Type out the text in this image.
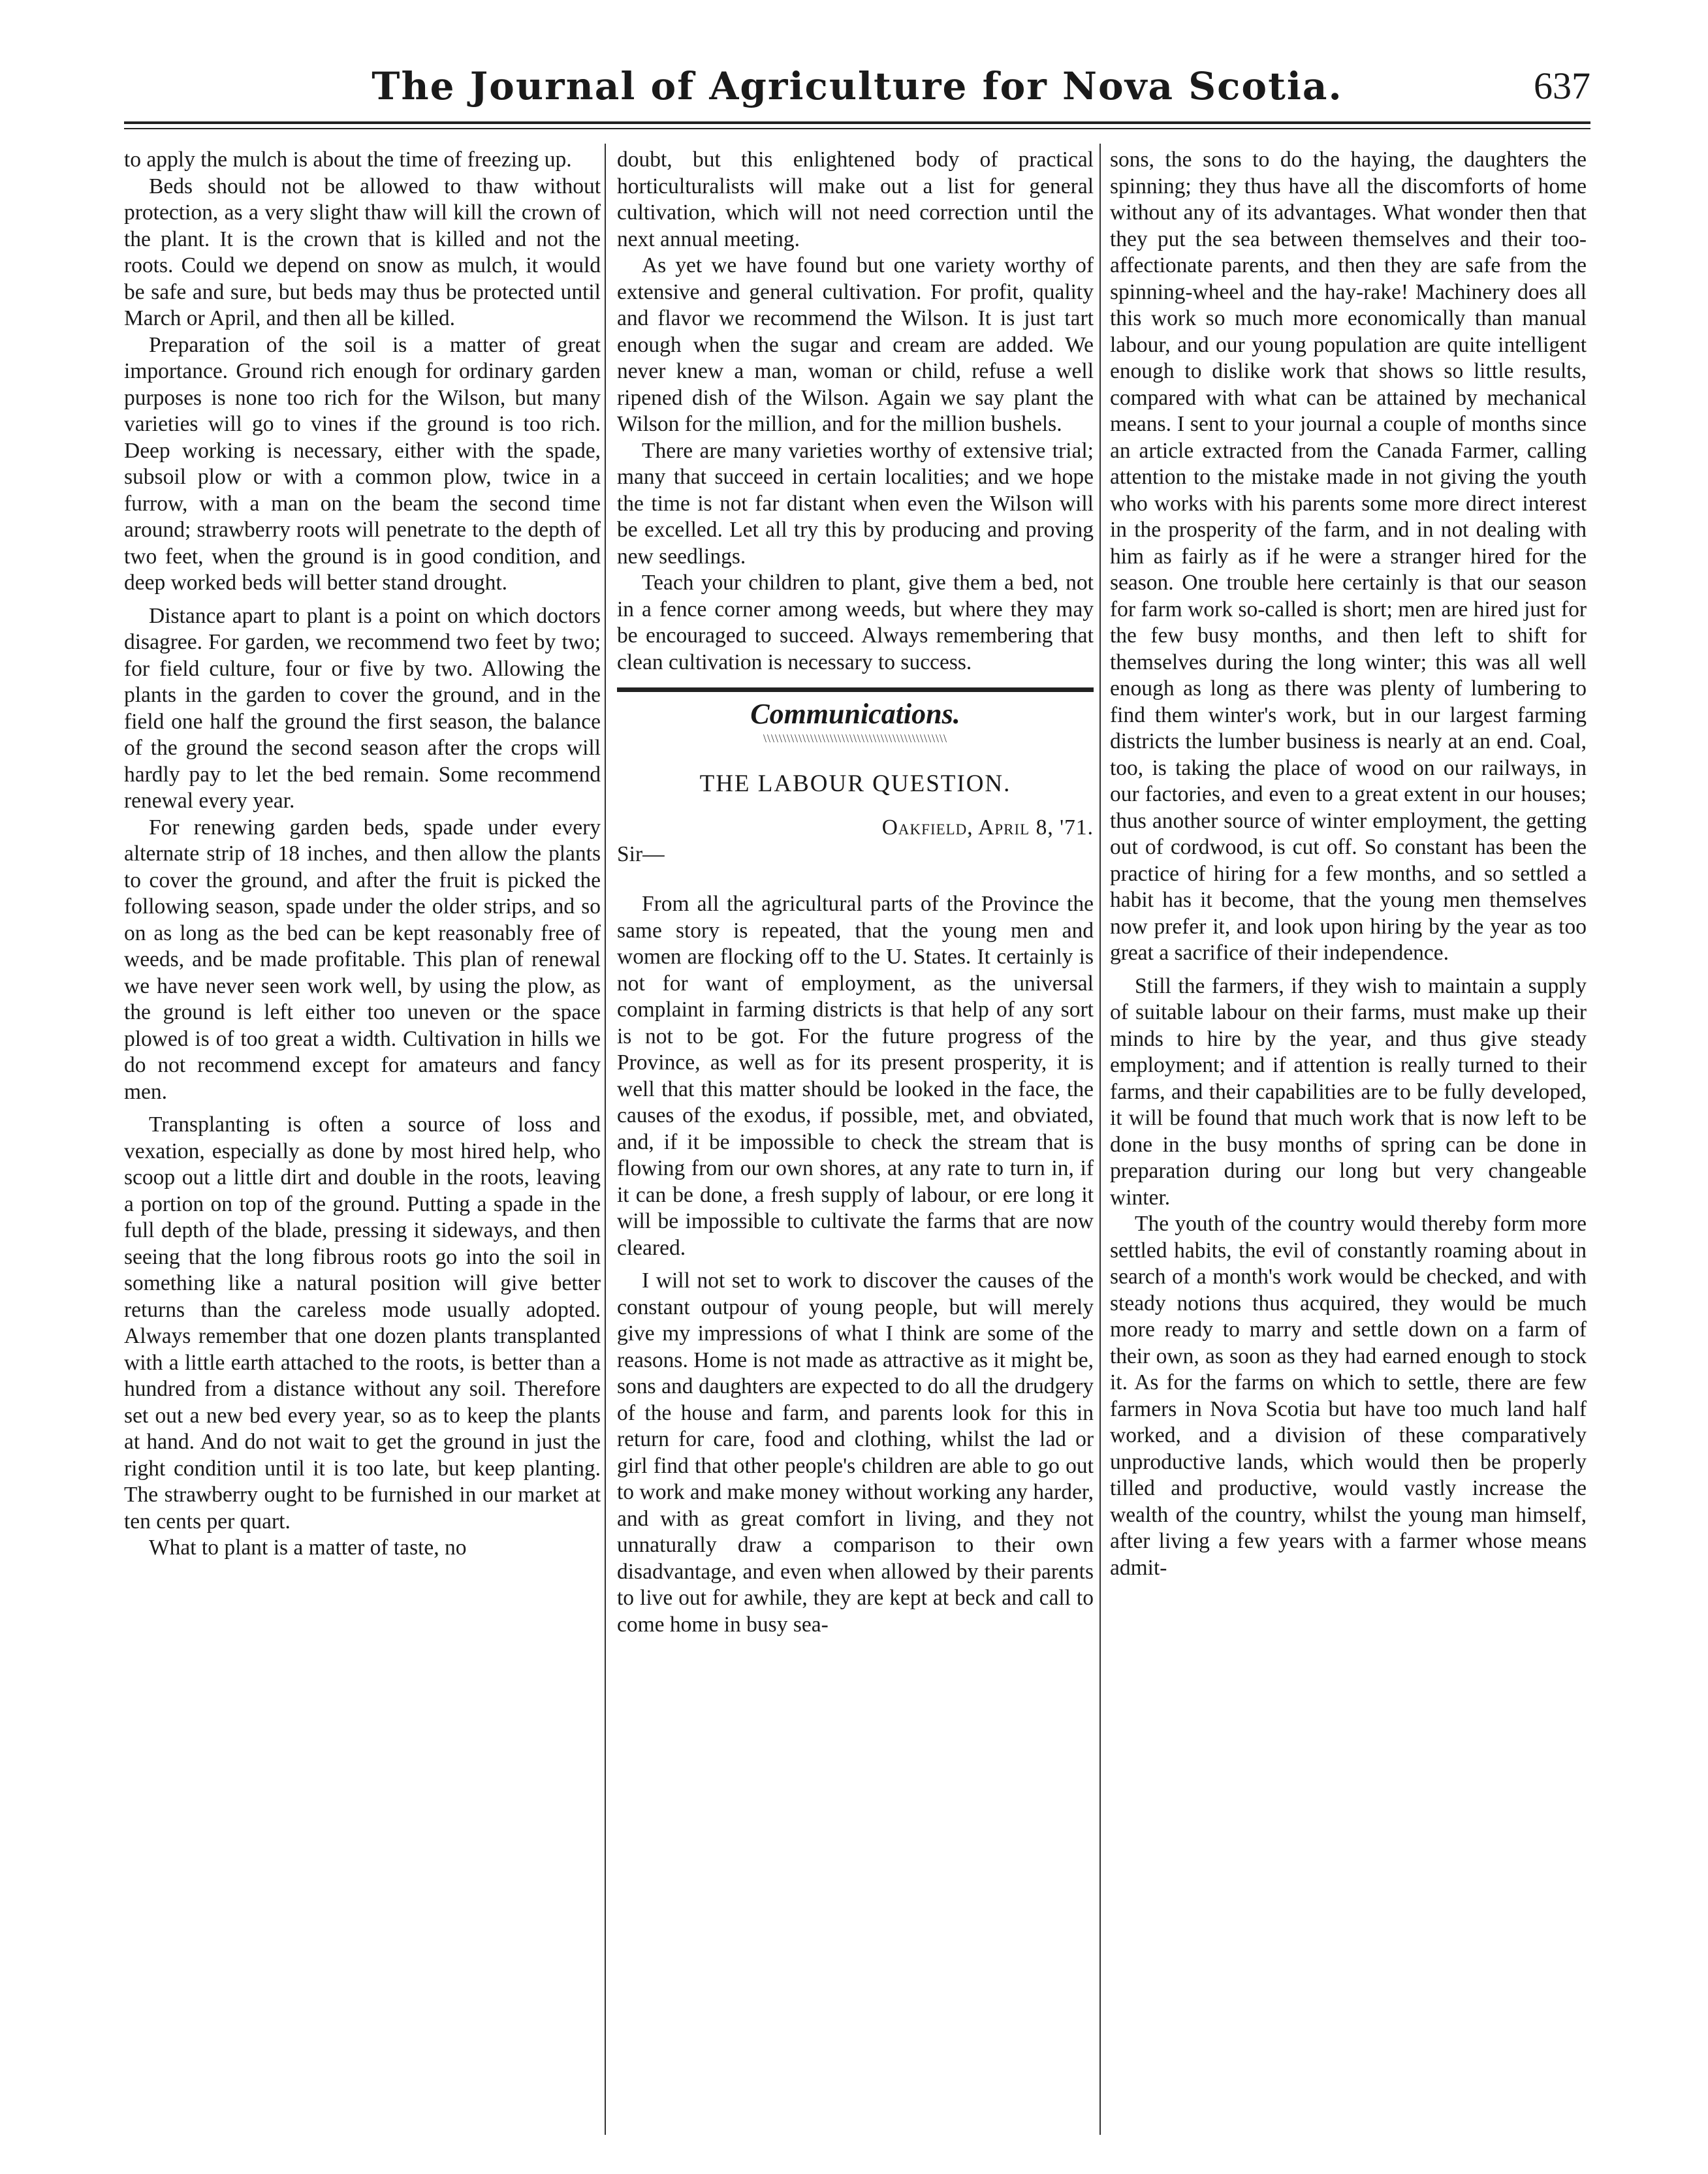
The Journal of Agriculture for Nova Scotia.	637

to apply the mulch is about the time of freezing up.

Beds should not be allowed to thaw without protection, as a very slight thaw will kill the crown of the plant. It is the crown that is killed and not the roots. Could we depend on snow as mulch, it would be safe and sure, but beds may thus be protected until March or April, and then all be killed.

Preparation of the soil is a matter of great importance. Ground rich enough for ordinary garden purposes is none too rich for the Wilson, but many varieties will go to vines if the ground is too rich. Deep working is necessary, either with the spade, subsoil plow or with a common plow, twice in a furrow, with a man on the beam the second time around; strawberry roots will penetrate to the depth of two feet, when the ground is in good condition, and deep worked beds will better stand drought.

Distance apart to plant is a point on which doctors disagree. For garden, we recommend two feet by two; for field culture, four or five by two. Allowing the plants in the garden to cover the ground, and in the field one half the ground the first season, the balance of the ground the second season after the crops will hardly pay to let the bed remain. Some recommend renewal every year.

For renewing garden beds, spade under every alternate strip of 18 inches, and then allow the plants to cover the ground, and after the fruit is picked the following season, spade under the older strips, and so on as long as the bed can be kept reasonably free of weeds, and be made profitable. This plan of renewal we have never seen work well, by using the plow, as the ground is left either too uneven or the space plowed is of too great a width. Cultivation in hills we do not recommend except for amateurs and fancy men.

Transplanting is often a source of loss and vexation, especially as done by most hired help, who scoop out a little dirt and double in the roots, leaving a portion on top of the ground. Putting a spade in the full depth of the blade, pressing it sideways, and then seeing that the long fibrous roots go into the soil in something like a natural position will give better returns than the careless mode usually adopted. Always remember that one dozen plants transplanted with a little earth attached to the roots, is better than a hundred from a distance without any soil. Therefore set out a new bed every year, so as to keep the plants at hand. And do not wait to get the ground in just the right condition until it is too late, but keep planting. The strawberry ought to be furnished in our market at ten cents per quart.

What to plant is a matter of taste, no

doubt, but this enlightened body of practical horticulturalists will make out a list for general cultivation, which will not need correction until the next annual meeting.

As yet we have found but one variety worthy of extensive and general cultivation. For profit, quality and flavor we recommend the Wilson. It is just tart enough when the sugar and cream are added. We never knew a man, woman or child, refuse a well ripened dish of the Wilson. Again we say plant the Wilson for the million, and for the million bushels.

There are many varieties worthy of extensive trial; many that succeed in certain localities; and we hope the time is not far distant when even the Wilson will be excelled. Let all try this by producing and proving new seedlings.

Teach your children to plant, give them a bed, not in a fence corner among weeds, but where they may be encouraged to succeed. Always remembering that clean cultivation is necessary to success.

Communications.
\\\\\\\\\\\\\\\\\\\\\\\\\\\\\\\\\\\\\\\\\\\\\\\
THE LABOUR QUESTION.
Oakfield, April 8, '71.

Sir—

From all the agricultural parts of the Province the same story is repeated, that the young men and women are flocking off to the U. States. It certainly is not for want of employment, as the universal complaint in farming districts is that help of any sort is not to be got. For the future progress of the Province, as well as for its present prosperity, it is well that this matter should be looked in the face, the causes of the exodus, if possible, met, and obviated, and, if it be impossible to check the stream that is flowing from our own shores, at any rate to turn in, if it can be done, a fresh supply of labour, or ere long it will be impossible to cultivate the farms that are now cleared.

I will not set to work to discover the causes of the constant outpour of young people, but will merely give my impressions of what I think are some of the reasons. Home is not made as attractive as it might be, sons and daughters are expected to do all the drudgery of the house and farm, and parents look for this in return for care, food and clothing, whilst the lad or girl find that other people's children are able to go out to work and make money without working any harder, and with as great comfort in living, and they not unnaturally draw a comparison to their own disadvantage, and even when allowed by their parents to live out for awhile, they are kept at beck and call to come home in busy sea-

sons, the sons to do the haying, the daughters the spinning; they thus have all the discomforts of home without any of its advantages. What wonder then that they put the sea between themselves and their too-affectionate parents, and then they are safe from the spinning-wheel and the hay-rake! Machinery does all this work so much more economically than manual labour, and our young population are quite intelligent enough to dislike work that shows so little results, compared with what can be attained by mechanical means. I sent to your journal a couple of months since an article extracted from the Canada Farmer, calling attention to the mistake made in not giving the youth who works with his parents some more direct interest in the prosperity of the farm, and in not dealing with him as fairly as if he were a stranger hired for the season. One trouble here certainly is that our season for farm work so-called is short; men are hired just for the few busy months, and then left to shift for themselves during the long winter; this was all well enough as long as there was plenty of lumbering to find them winter's work, but in our largest farming districts the lumber business is nearly at an end. Coal, too, is taking the place of wood on our railways, in our factories, and even to a great extent in our houses; thus another source of winter employment, the getting out of cordwood, is cut off. So constant has been the practice of hiring for a few months, and so settled a habit has it become, that the young men themselves now prefer it, and look upon hiring by the year as too great a sacrifice of their independence.

Still the farmers, if they wish to maintain a supply of suitable labour on their farms, must make up their minds to hire by the year, and thus give steady employment; and if attention is really turned to their farms, and their capabilities are to be fully developed, it will be found that much work that is now left to be done in the busy months of spring can be done in preparation during our long but very changeable winter.

The youth of the country would thereby form more settled habits, the evil of constantly roaming about in search of a month's work would be checked, and with steady notions thus acquired, they would be much more ready to marry and settle down on a farm of their own, as soon as they had earned enough to stock it. As for the farms on which to settle, there are few farmers in Nova Scotia but have too much land half worked, and a division of these comparatively unproductive lands, which would then be properly tilled and productive, would vastly increase the wealth of the country, whilst the young man himself, after living a few years with a farmer whose means admit-
